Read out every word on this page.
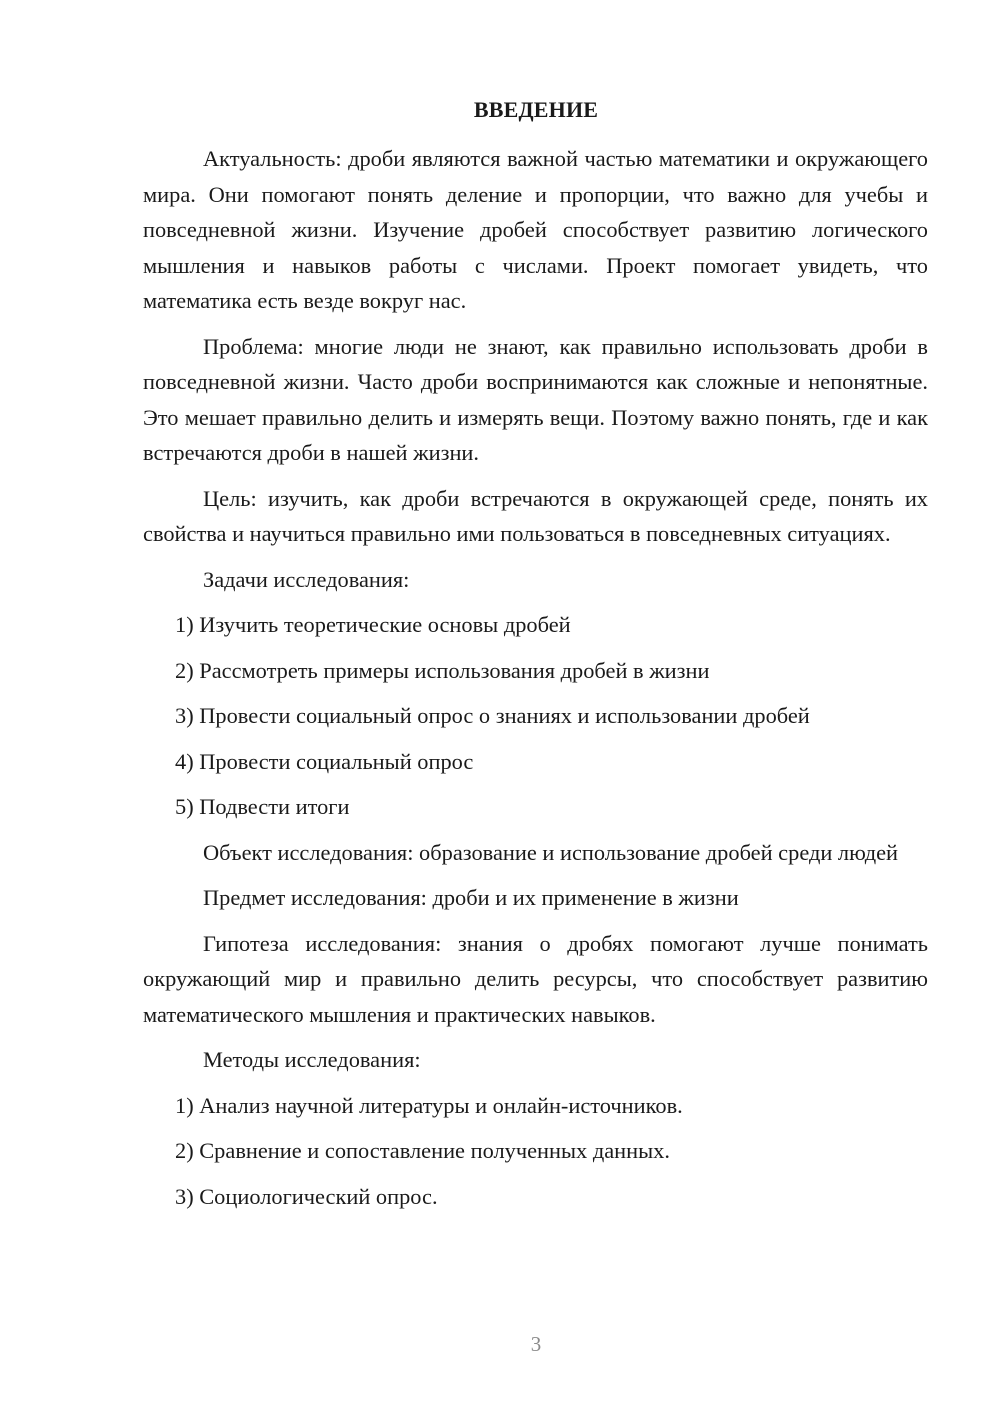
ВВЕДЕНИЕ

Актуальность: дроби являются важной частью математики и окружающего мира. Они помогают понять деление и пропорции, что важно для учебы и повседневной жизни. Изучение дробей способствует развитию логического мышления и навыков работы с числами. Проект помогает увидеть, что математика есть везде вокруг нас.

Проблема: многие люди не знают, как правильно использовать дроби в повседневной жизни. Часто дроби воспринимаются как сложные и непонятные. Это мешает правильно делить и измерять вещи. Поэтому важно понять, где и как встречаются дроби в нашей жизни.

Цель: изучить, как дроби встречаются в окружающей среде, понять их свойства и научиться правильно ими пользоваться в повседневных ситуациях.

Задачи исследования:

1) Изучить теоретические основы дробей

2) Рассмотреть примеры использования дробей в жизни

3) Провести социальный опрос о знаниях и использовании дробей

4) Провести социальный опрос

5) Подвести итоги

Объект исследования: образование и использование дробей среди людей

Предмет исследования: дроби и их применение в жизни

Гипотеза исследования: знания о дробях помогают лучше понимать окружающий мир и правильно делить ресурсы, что способствует развитию математического мышления и практических навыков.

Методы исследования:

1) Анализ научной литературы и онлайн-источников.

2) Сравнение и сопоставление полученных данных.

3) Социологический опрос.

3
